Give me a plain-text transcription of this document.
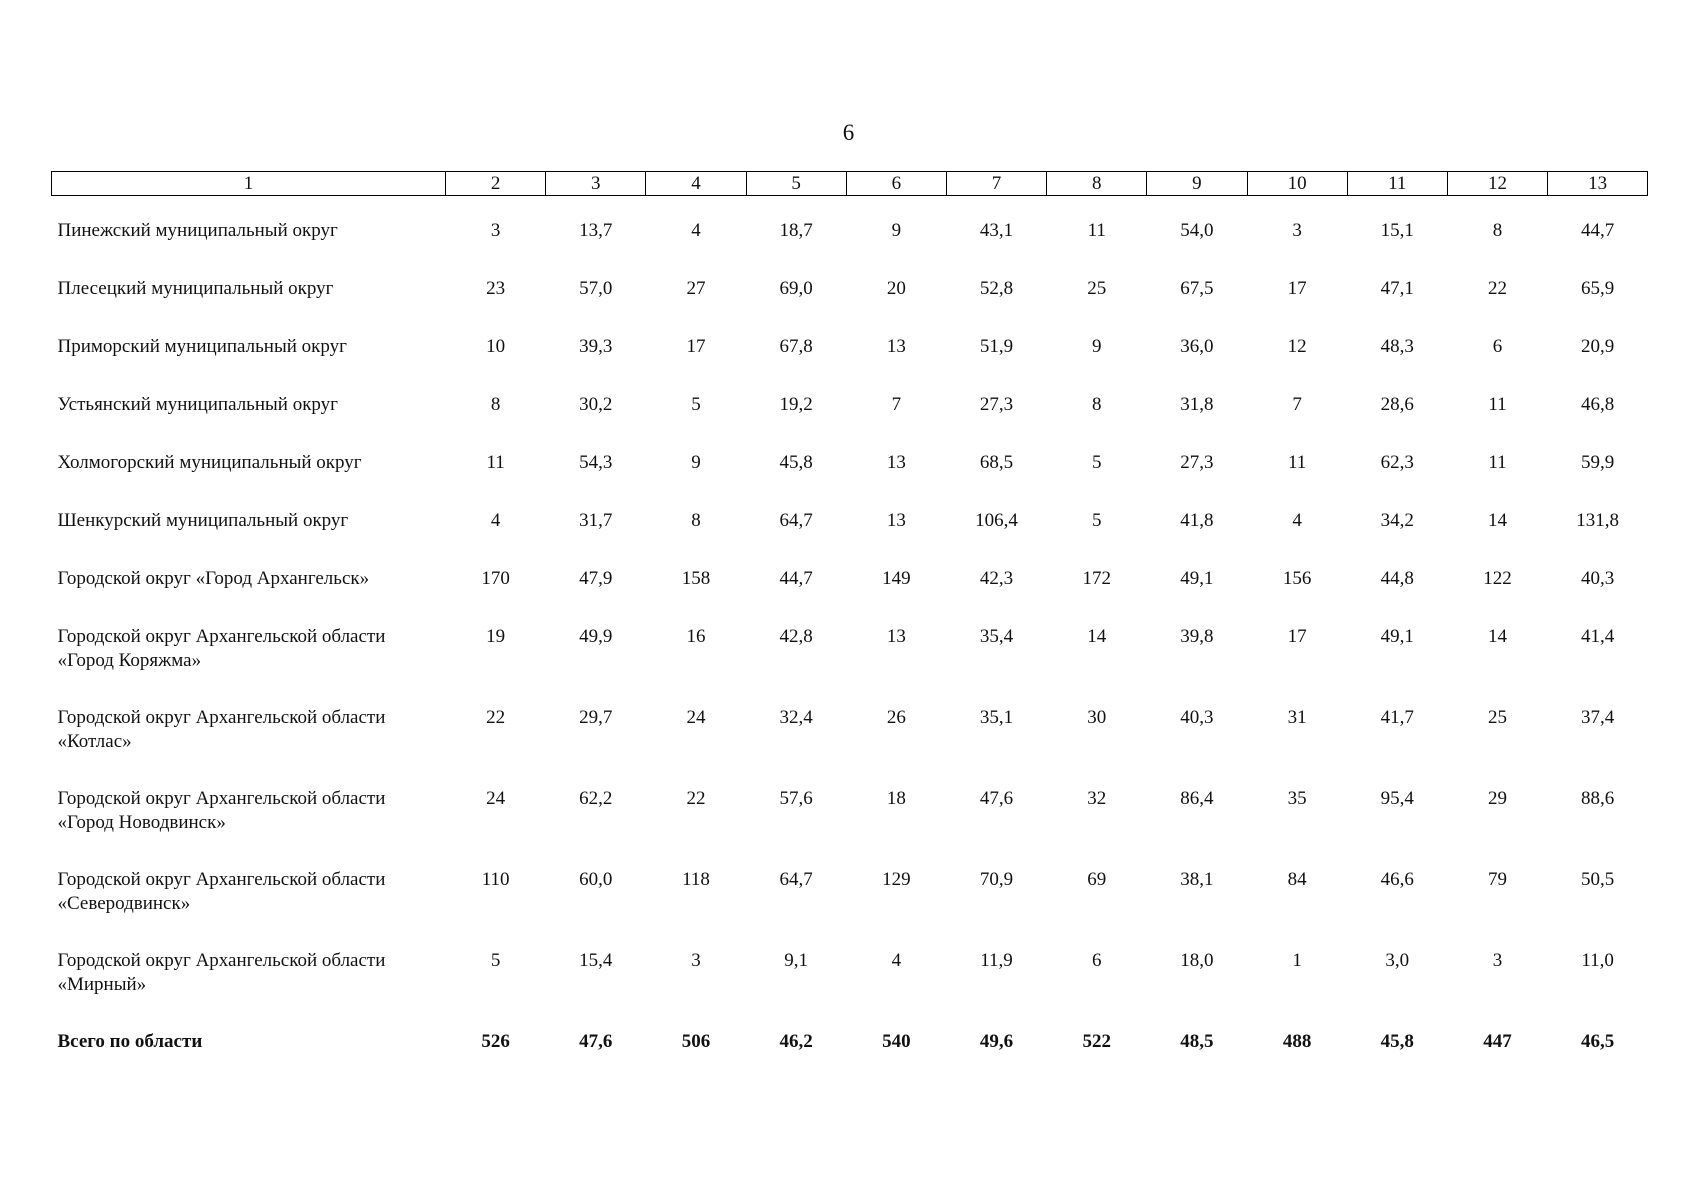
6
1	2	3	4	5	6	7	8	9	10	11	12	13

Пинежский муниципальный округ	3	13,7	4	18,7	9	43,1	11	54,0	3	15,1	8	44,7

Плесецкий муниципальный округ	23	57,0	27	69,0	20	52,8	25	67,5	17	47,1	22	65,9

Приморский муниципальный округ	10	39,3	17	67,8	13	51,9	9	36,0	12	48,3	6	20,9

Устьянский муниципальный округ	8	30,2	5	19,2	7	27,3	8	31,8	7	28,6	11	46,8

Холмогорский муниципальный округ	11	54,3	9	45,8	13	68,5	5	27,3	11	62,3	11	59,9

Шенкурский муниципальный округ	4	31,7	8	64,7	13	106,4	5	41,8	4	34,2	14	131,8

Городской округ «Город Архангельск»	170	47,9	158	44,7	149	42,3	172	49,1	156	44,8	122	40,3

Городской округ Архангельской области
«Город Коряжма»	19	49,9	16	42,8	13	35,4	14	39,8	17	49,1	14	41,4

Городской округ Архангельской области
«Котлас»	22	29,7	24	32,4	26	35,1	30	40,3	31	41,7	25	37,4

Городской округ Архангельской области
«Город Новодвинск»	24	62,2	22	57,6	18	47,6	32	86,4	35	95,4	29	88,6

Городской округ Архангельской области
«Северодвинск»	110	60,0	118	64,7	129	70,9	69	38,1	84	46,6	79	50,5

Городской округ Архангельской области
«Мирный»	5	15,4	3	9,1	4	11,9	6	18,0	1	3,0	3	11,0
Всего по области	526	47,6	506	46,2	540	49,6	522	48,5	488	45,8	447	46,5
